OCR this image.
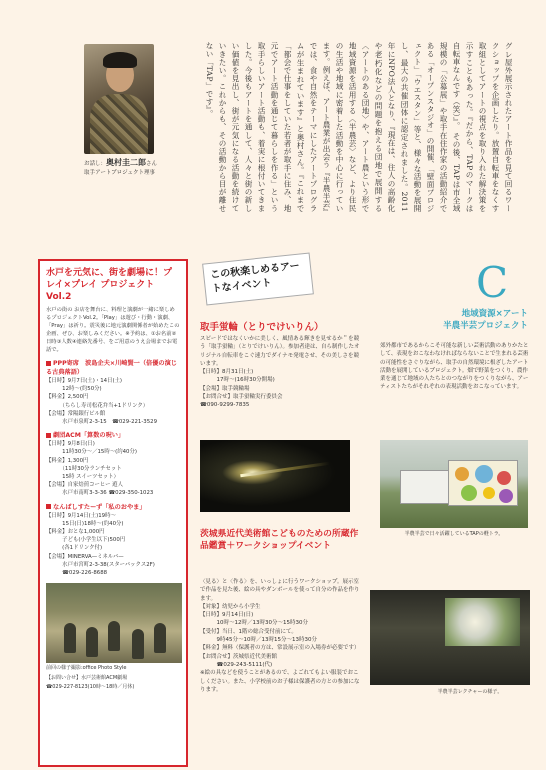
お話し：奥村圭二郎さん
取手アートプロジェクト理事	グレ屋外展示されたアート作品を見て回るワークショップを企画したり。放置自転車をなくす取組としてアートの視点を取り入れた解決策を示すこともあった。『だから、TAPのマークは自転車なんです（笑）』。 その後、TAPは市全域規模の「公募展」や取手在住作家の活動紹介である「オープンスタジオ」の開催、「壁面プロジェクト」「ウエスタン」等と、様々な活動を展開し、最大の共催団体に認定されました。2011年にNPO法人となり、『現在は、住人の高齢化や老朽化などの問題を抱える団地で展開する〈アートのある団地〉や、アート農という形で地域資源を活用する〈半農芸〉など、より住民の生活や地域に密着した活動を中心に行っています。例えば、アート農業が出会う『半農半芸』では、食や自然をテーマにしたアートプログラムが生まれています』と奥村さん。『これまで「都会で仕事をしていた若者が取手に住み、地元でアート活動を通じて暮らしを作る」という取手らしいアート活動も、着実に根付いてきました。今後もアートを通して、人々と街の新しい価値を見出し、街が元気になる活動を続けていきたい。これからも、その活動から目が離せない「TAP」です』。
水戸を元気に、街を劇場に！プレイ×プレイ プロジェクト Vol.2
水戸の街の お店を舞台に、料理と演劇が一緒に楽しめるプロジェクトVol.2。「Play」は遊び・行動・演劇、「Pray」は祈り。震災後に地元演劇関係者が始めたこの企画、ぜひ、お楽しみください。※予約は、①お名前②日時③人数④連絡先番号、をご用意のうえ会場までお電話で。
PPP寄席　波島企夫×川崎賢一（倍優の演じる古典落語）
【日時】9月7日(土)・14日(土)
　　　12時〜(約50分)
【料金】2,500円
　　　（ちらし寿司松花弁当+1ドリンク）
【会場】常陽銀行ビル館
　　　水戸市泉町2-3-15　☎029-221-3529
劇団ACM「算数の呪い」
【日時】9月8日(日)
　　　11時30分〜／15時〜(約40分)
【料金】1,300円
　　　（11時30分ランチセット
　　　15時 スイーツセット）
【会場】自家焙煎コーヒー 遊人
　　　水戸市南町3-3-36 ☎029-350-1023
なんばしすたーず「私のおやま」
【日時】9月14日(土)19時〜
　　　15日(日)18時〜(約40分)
【料金】おとな1,000円
　　　子ども(小学生以下)500円
　　　(各1ドリンク付)
【会場】MINERVA—ミネルバ—
　　　水戸市宮町2-3-38(スターバックス2F)
　　　☎029-226-8688
前回の様子撮影:office Photo Style
【お問い合せ】水戸芸術館ACM劇場
☎029-227-8123(10時〜18時／月休)
この秋楽しめるアートなイベント
取手蛍輪（とりでけいりん）
スピードではなくいかに美しく、風情ある輝きを見せるか＂を競う「取手蛍輪」（とりでけいりん）。参加者達は、自ら制作したオリジナル自転車をこぐ速力でダイナモ発電させ、その美しさを競います。
【日時】8月31日(土)
　　　17時〜(16時30分開場)
【会場】取手競輪場
【お問合せ】取手蛍輪実行委員会
☎090-9299-7835
茨城県近代美術館こどものための所蔵作品鑑賞＋ワークショップイベント
〈見る〉と〈作る〉を、いっしょに行うワークショップ。展示室で作品を見た後、絵の具やダンボールを使って自分の作品を作ります。
【対象】幼児から小学生
【日時】9月14日(日)
　　　10時〜12時／13時30分〜15時30分
【受付】当日、1階の総合受付前にて。
　　　9時45分〜10時／13時15分〜13時30分
【料金】無料（保護者の方は、常設展示室の入場券が必要です）
【お問合せ】茨城県近代美術館
　　　☎029-243-5111(代)
※絵の具などを使うことがあるので、よごれてもよい服装でおこしください。また、小学校前のお子様は保護者の方との参加になります。
C
地域資源×アート
半農半芸プロジェクト
郊外都市であるからこそ可能な新しい芸術活動のありかたとして、表現をおこなわなければならないことで生まれる芸術の可能性をさぐりながら、取手の自然環境に根ざしたアート活動を展開しているプロジェクト。畑で野菜をつくり、農作業を通じて地域の人たちとのつながりをつくりながら、アーティストたちがそれぞれの表現活動をおこなっています。
半農半芸で日々活躍しているTAPの軽トラ。
半農半芸レクチャーの様子。
